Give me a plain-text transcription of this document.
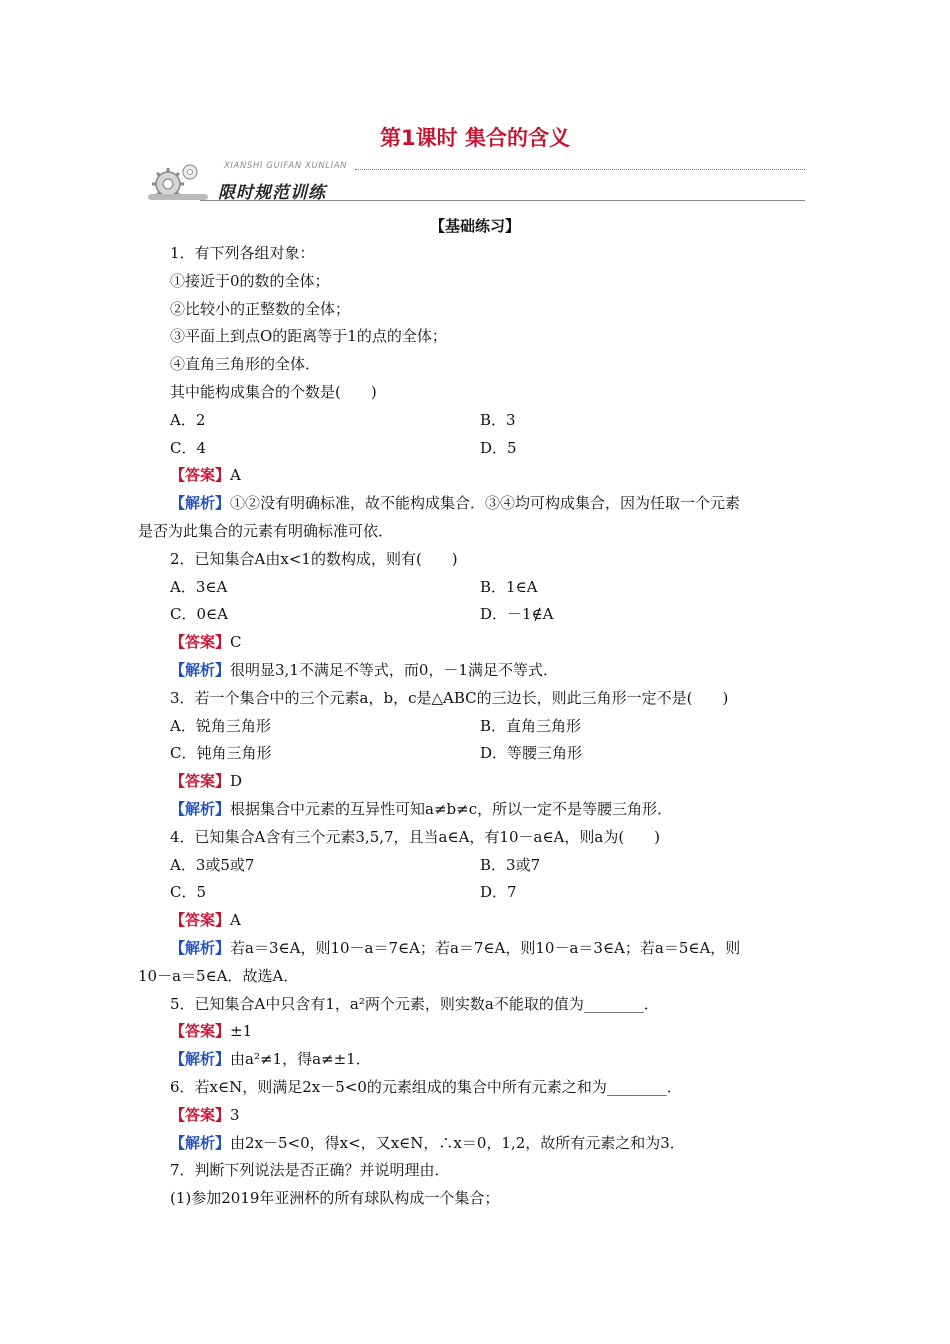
第1课时 集合的含义
XIANSHI GUIFAN XUNLIAN
限时规范训练
【基础练习】
1．有下列各组对象：
①接近于0的数的全体；
②比较小的正整数的全体；
③平面上到点O的距离等于1的点的全体；
④直角三角形的全体．
其中能构成集合的个数是(　　)
A．2	B．3
C．4	D．5
【答案】A
【解析】①②没有明确标准，故不能构成集合．③④均可构成集合，因为任取一个元素
是否为此集合的元素有明确标准可依．
2．已知集合A由x<1的数构成，则有(　　)
A．3∈A	B．1∈A
C．0∈A	D．－1∉A
【答案】C
【解析】很明显3,1不满足不等式，而0，－1满足不等式．
3．若一个集合中的三个元素a，b，c是△ABC的三边长，则此三角形一定不是(　　)
A．锐角三角形	B．直角三角形
C．钝角三角形	D．等腰三角形
【答案】D
【解析】根据集合中元素的互异性可知a≠b≠c，所以一定不是等腰三角形．
4．已知集合A含有三个元素3,5,7，且当a∈A，有10－a∈A，则a为(　　)
A．3或5或7	B．3或7
C．5	D．7
【答案】A
【解析】若a＝3∈A，则10－a＝7∈A；若a＝7∈A，则10－a＝3∈A；若a＝5∈A，则
10－a＝5∈A．故选A．
5．已知集合A中只含有1，a²两个元素，则实数a不能取的值为________．
【答案】±1
【解析】由a²≠1，得a≠±1．
6．若x∈N，则满足2x－5<0的元素组成的集合中所有元素之和为________．
【答案】3
【解析】由2x－5<0，得x<，又x∈N，∴x＝0，1,2，故所有元素之和为3．
7．判断下列说法是否正确？并说明理由．
(1)参加2019年亚洲杯的所有球队构成一个集合；
